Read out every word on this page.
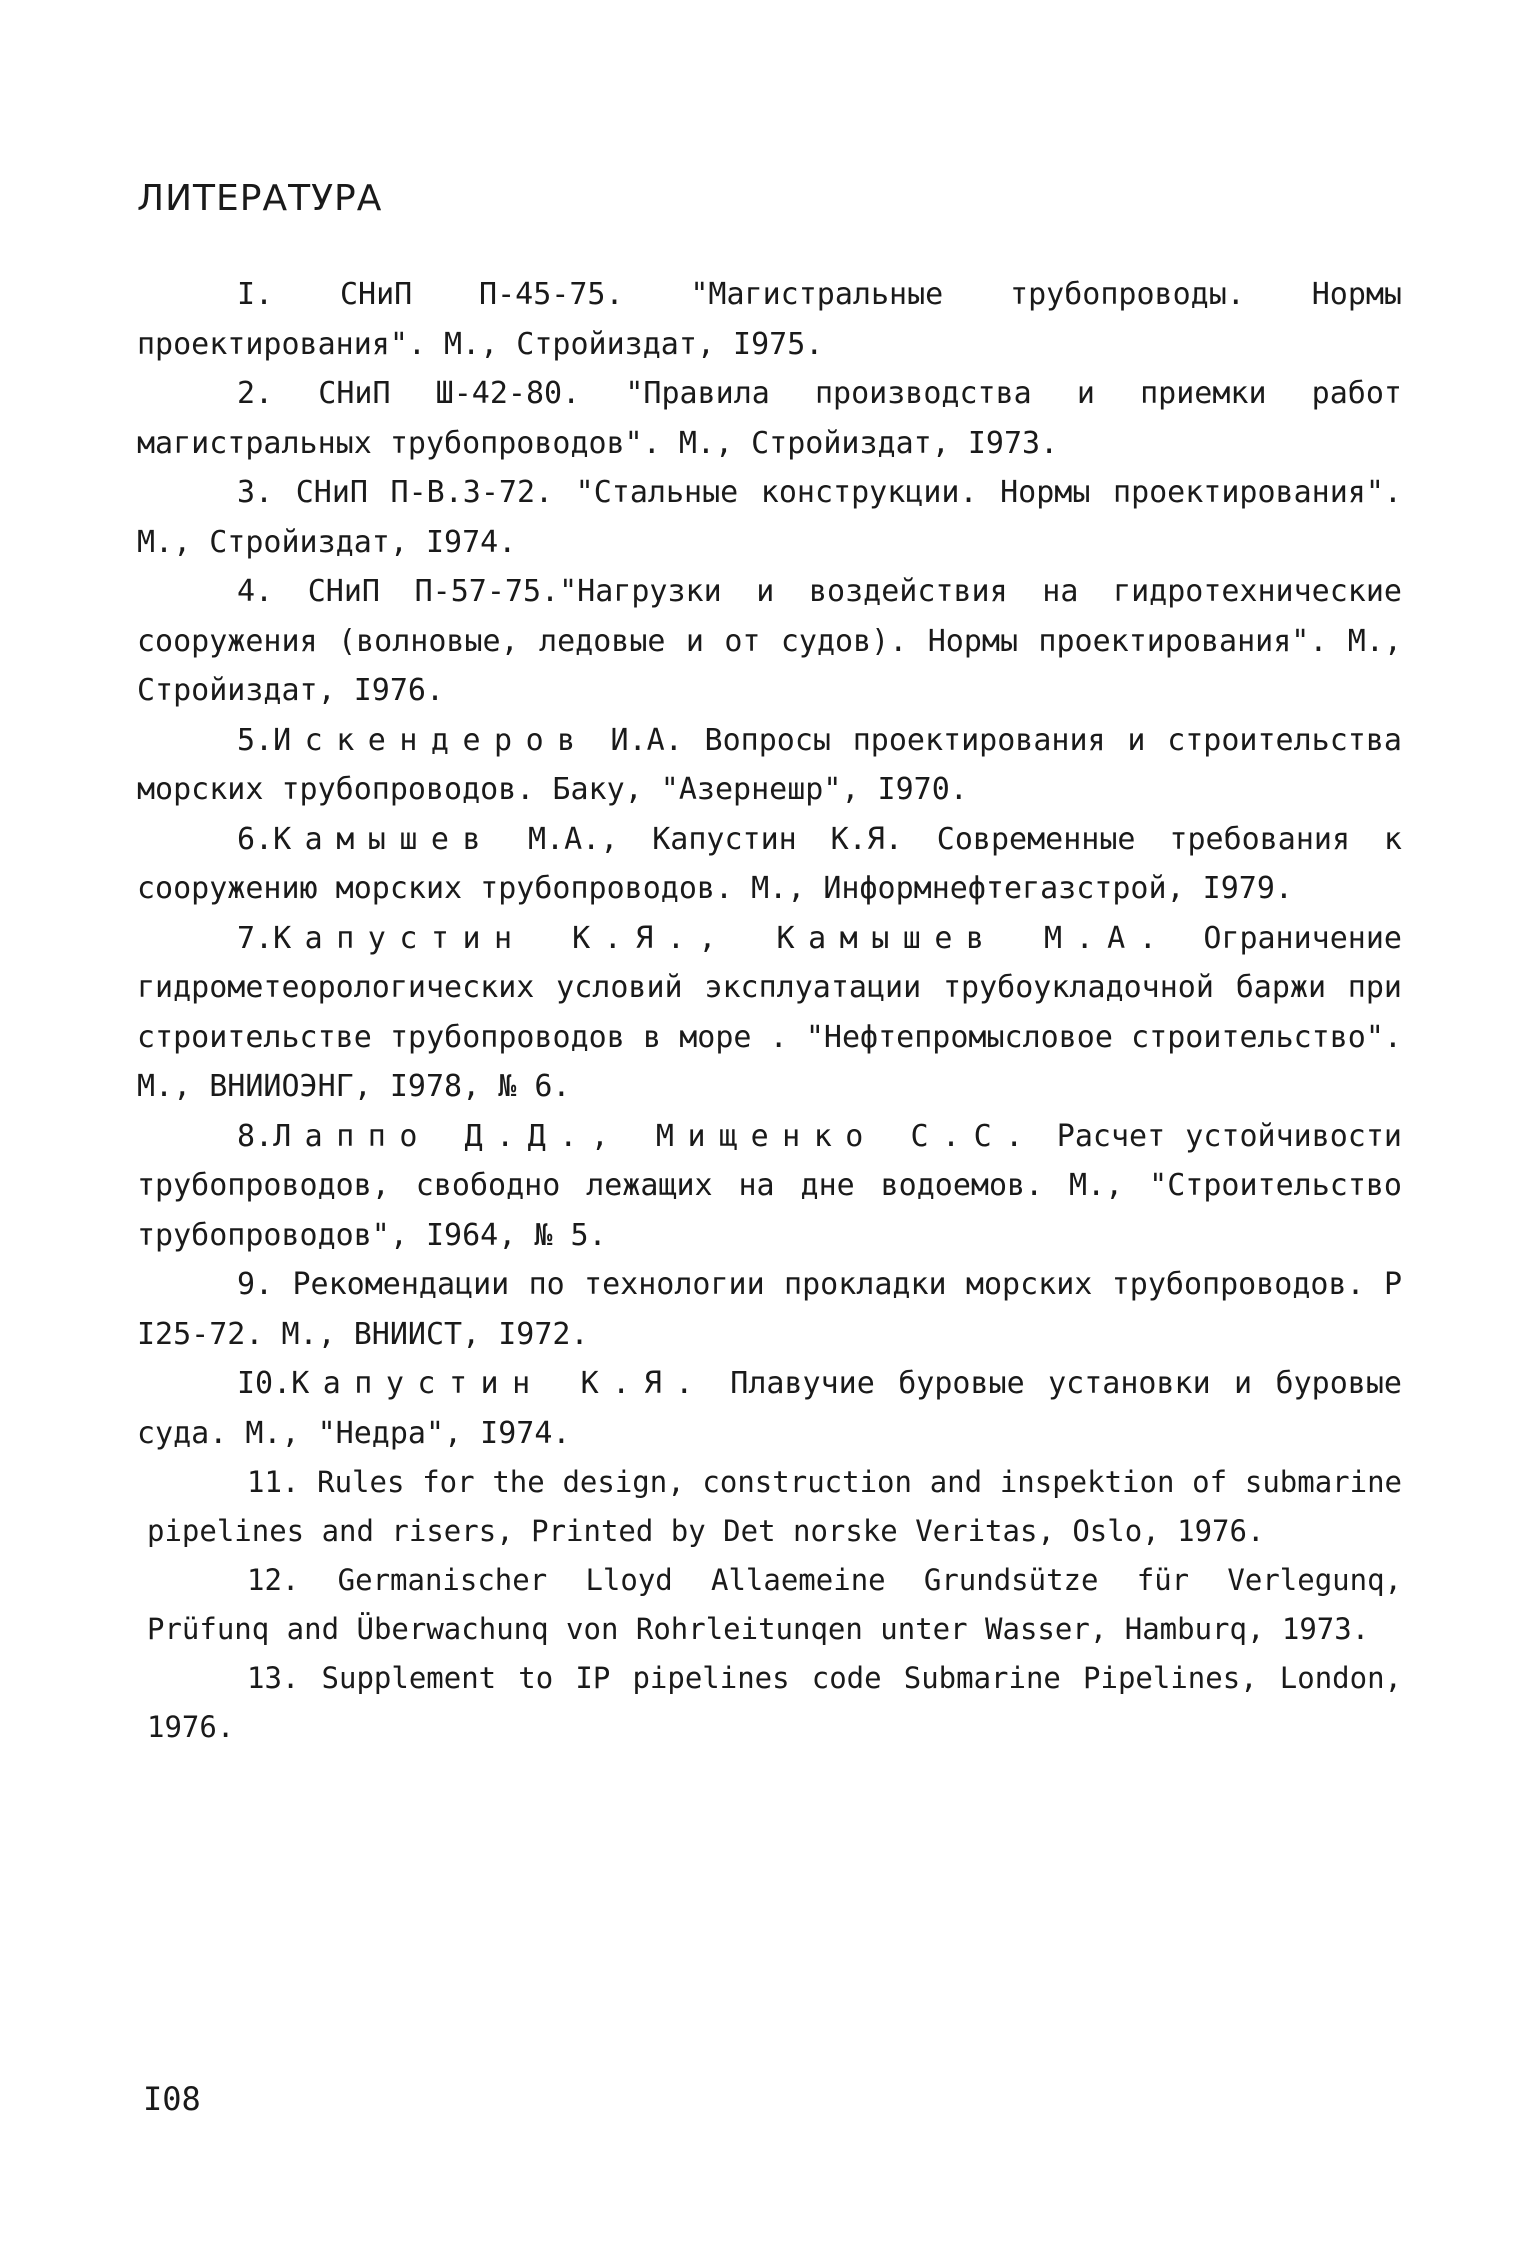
ЛИТЕРАТУРА

I. СНиП П-45-75. "Магистральные трубопроводы. Нормы проектирования". М., Стройиздат, I975.

2. СНиП Ш-42-80. "Правила производства и приемки работ магистральных трубопроводов". М., Стройиздат, I973.

3. СНиП П-В.3-72. "Стальные конструкции. Нормы проектирования". М., Стройиздат, I974.

4. СНиП П-57-75."Нагрузки и воздействия на гидротехнические сооружения (волновые, ледовые и от судов). Нормы проектирования". М., Стройиздат, I976.

5.Искендеров И.А. Вопросы проектирования и строительства морских трубопроводов. Баку, "Азернешр", I970.

6.Камышев М.А., Капустин К.Я. Современные требования к сооружению морских трубопроводов. М., Информнефтегазстрой, I979.

7.Капустин К.Я., Камышев М.А. Ограничение гидрометеорологических условий эксплуатации трубоукладочной баржи при строительстве трубопроводов в море . "Нефтепромысловое строительство". М., ВНИИОЭНГ, I978, № 6.

8.Лаппо Д.Д., Мищенко С.С. Расчет устойчивости трубопроводов, свободно лежащих на дне водоемов. М., "Строительство трубопроводов", I964, № 5.

9. Рекомендации по технологии прокладки морских трубопроводов. Р I25-72. М., ВНИИСТ, I972.

I0.Капустин К.Я. Плавучие буровые установки и буровые суда. М., "Недра", I974.

11. Rules for the design, construction and inspektion of submarine pipelines and risers, Printed by Det norske Veritas, Oslo, 1976.

12. Germanischer Lloyd Allaemeine Grundsütze für Verlegunq, Prüfunq and Überwachunq von Rohrleitunqen unter Wasser, Hamburq, 1973.

13. Supplement to IP pipelines code Submarine Pipelines, London, 1976.

I08
